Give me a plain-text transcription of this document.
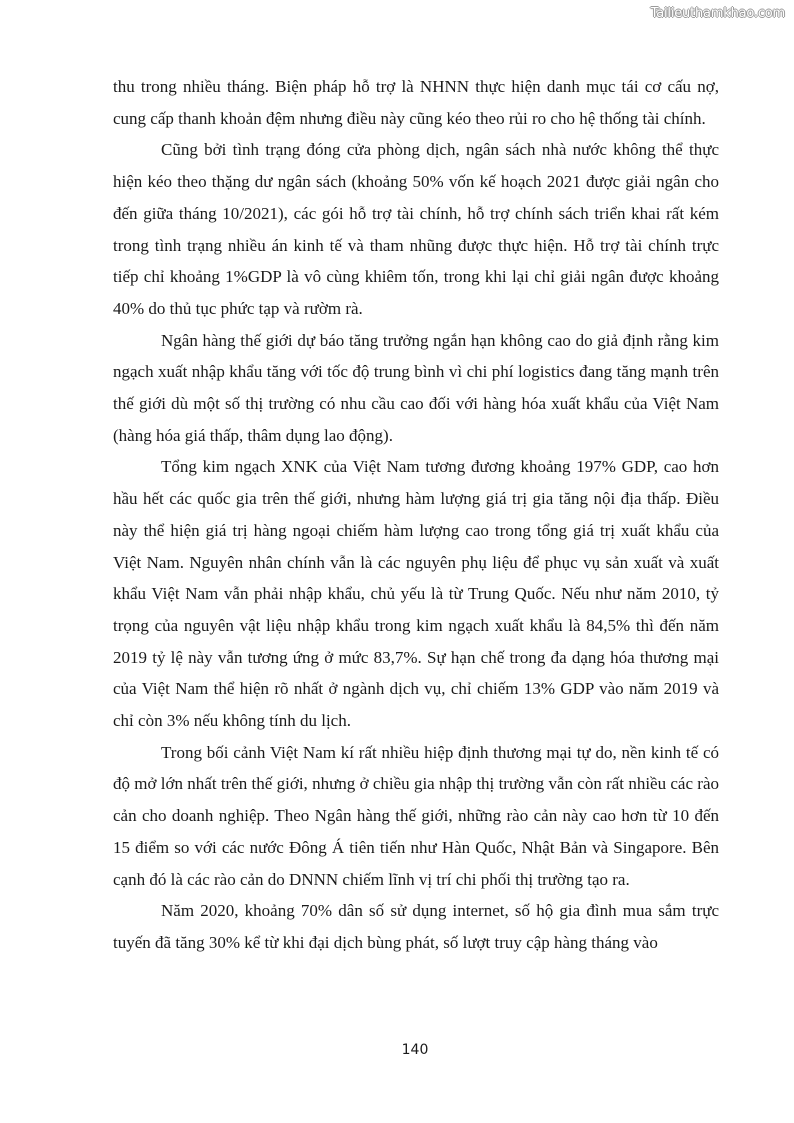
Tailieuthamkhao.com

thu trong nhiều tháng. Biện pháp hỗ trợ là NHNN thực hiện danh mục tái cơ cấu nợ, cung cấp thanh khoản đệm nhưng điều này cũng kéo theo rủi ro cho hệ thống tài chính.

Cũng bởi tình trạng đóng cửa phòng dịch, ngân sách nhà nước không thể thực hiện kéo theo thặng dư ngân sách (khoảng 50% vốn kế hoạch 2021 được giải ngân cho đến giữa tháng 10/2021), các gói hỗ trợ tài chính, hỗ trợ chính sách triển khai rất kém trong tình trạng nhiều án kinh tế và tham nhũng được thực hiện. Hỗ trợ tài chính trực tiếp chỉ khoảng 1%GDP là vô cùng khiêm tốn, trong khi lại chỉ giải ngân được khoảng 40% do thủ tục phức tạp và rườm rà.

Ngân hàng thế giới dự báo tăng trưởng ngắn hạn không cao do giả định rằng kim ngạch xuất nhập khẩu tăng với tốc độ trung bình vì chi phí logistics đang tăng mạnh trên thế giới dù một số thị trường có nhu cầu cao đối với hàng hóa xuất khẩu của Việt Nam (hàng hóa giá thấp, thâm dụng lao động).

Tổng kim ngạch XNK của Việt Nam tương đương khoảng 197% GDP, cao hơn hầu hết các quốc gia trên thế giới, nhưng hàm lượng giá trị gia tăng nội địa thấp. Điều này thể hiện giá trị hàng ngoại chiếm hàm lượng cao trong tổng giá trị xuất khẩu của Việt Nam. Nguyên nhân chính vẫn là các nguyên phụ liệu để phục vụ sản xuất và xuất khẩu Việt Nam vẫn phải nhập khẩu, chủ yếu là từ Trung Quốc. Nếu như năm 2010, tỷ trọng của nguyên vật liệu nhập khẩu trong kim ngạch xuất khẩu là 84,5% thì đến năm 2019 tỷ lệ này vẫn tương ứng ở mức 83,7%. Sự hạn chế trong đa dạng hóa thương mại của Việt Nam thể hiện rõ nhất ở ngành dịch vụ, chỉ chiếm 13% GDP vào năm 2019 và chỉ còn 3% nếu không tính du lịch.

Trong bối cảnh Việt Nam kí rất nhiều hiệp định thương mại tự do, nền kinh tế có độ mở lớn nhất trên thế giới, nhưng ở chiều gia nhập thị trường vẫn còn rất nhiều các rào cản cho doanh nghiệp. Theo Ngân hàng thế giới, những rào cản này cao hơn từ 10 đến 15 điểm so với các nước Đông Á tiên tiến như Hàn Quốc, Nhật Bản và Singapore. Bên cạnh đó là các rào cản do DNNN chiếm lĩnh vị trí chi phối thị trường tạo ra.

Năm 2020, khoảng 70% dân số sử dụng internet, số hộ gia đình mua sắm trực tuyến đã tăng 30% kể từ khi đại dịch bùng phát, số lượt truy cập hàng tháng vào

140
